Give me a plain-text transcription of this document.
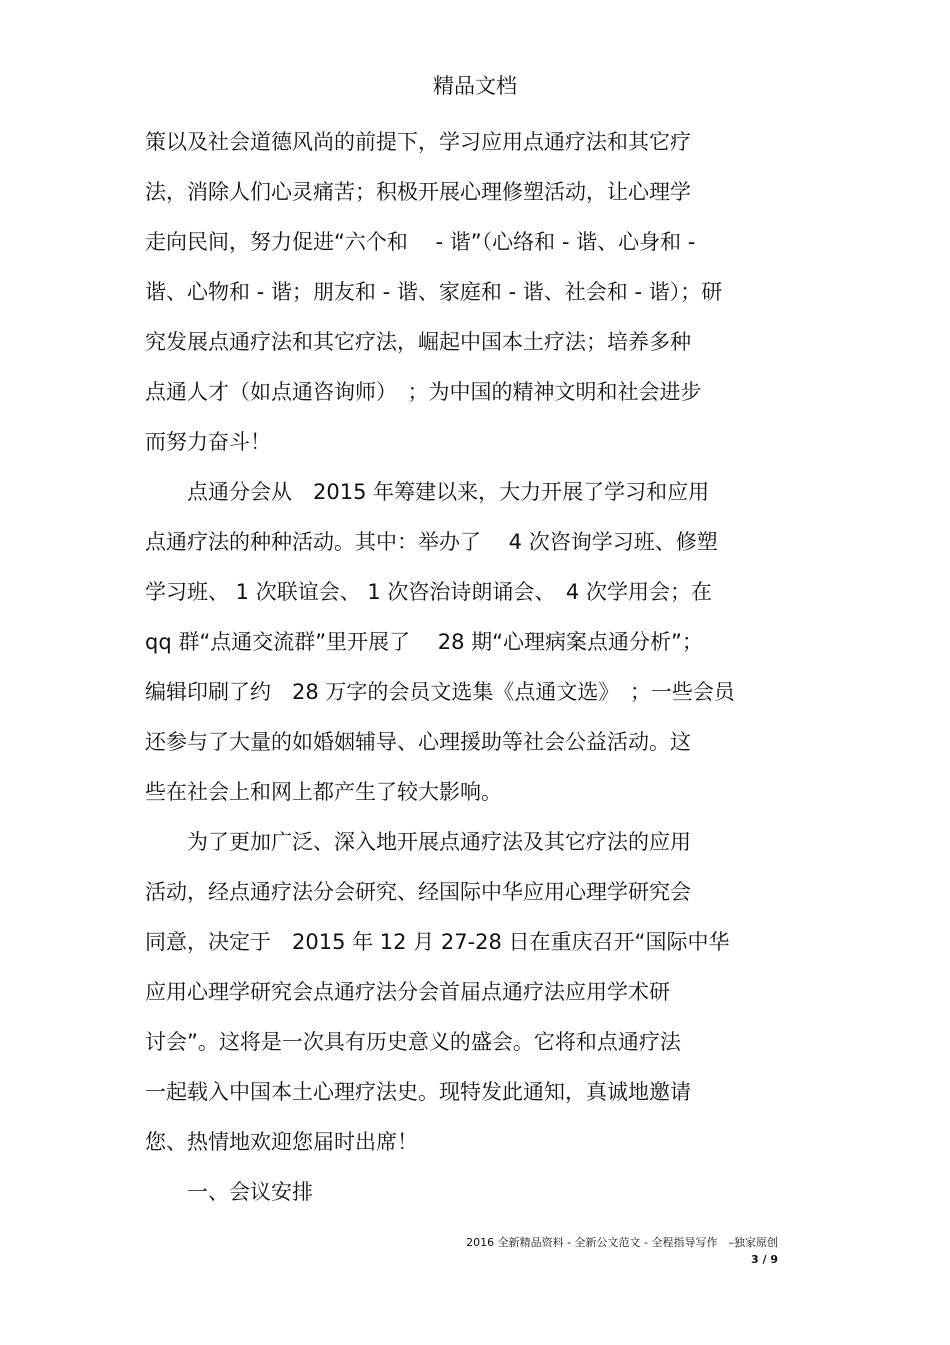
精品文档
策以及社会道德风尚的前提下，学习应用点通疗法和其它疗
法，消除人们心灵痛苦；积极开展心理修塑活动，让心理学
走向民间，努力促进“六个和　 - 谐”（心络和 - 谐、心身和 -
谐、心物和 - 谐；朋友和 - 谐、家庭和 - 谐、社会和 - 谐）；研
究发展点通疗法和其它疗法，崛起中国本土疗法；培养多种
点通人才（如点通咨询师）　；为中国的精神文明和社会进步
而努力奋斗！
　　点通分会从　2015 年筹建以来，大力开展了学习和应用
点通疗法的种种活动。其中：举办了　 4 次咨询学习班、修塑
学习班、 1 次联谊会、 1 次咨治诗朗诵会、　4 次学用会；在
qq 群“点通交流群”里开展了　 28 期“心理病案点通分析”；
编辑印刷了约　28 万字的会员文选集《点通文选》　；一些会员
还参与了大量的如婚姻辅导、心理援助等社会公益活动。这
些在社会上和网上都产生了较大影响。
　　为了更加广泛、深入地开展点通疗法及其它疗法的应用
活动，经点通疗法分会研究、经国际中华应用心理学研究会
同意，决定于　2015 年 12 月 27-28 日在重庆召开“国际中华
应用心理学研究会点通疗法分会首届点通疗法应用学术研
讨会”。这将是一次具有历史意义的盛会。它将和点通疗法
一起载入中国本土心理疗法史。现特发此通知，真诚地邀请
您、热情地欢迎您届时出席！
　　一、会议安排
2016 全新精品资料 - 全新公文范文 - 全程指导写作　–独家原创
3 / 9
